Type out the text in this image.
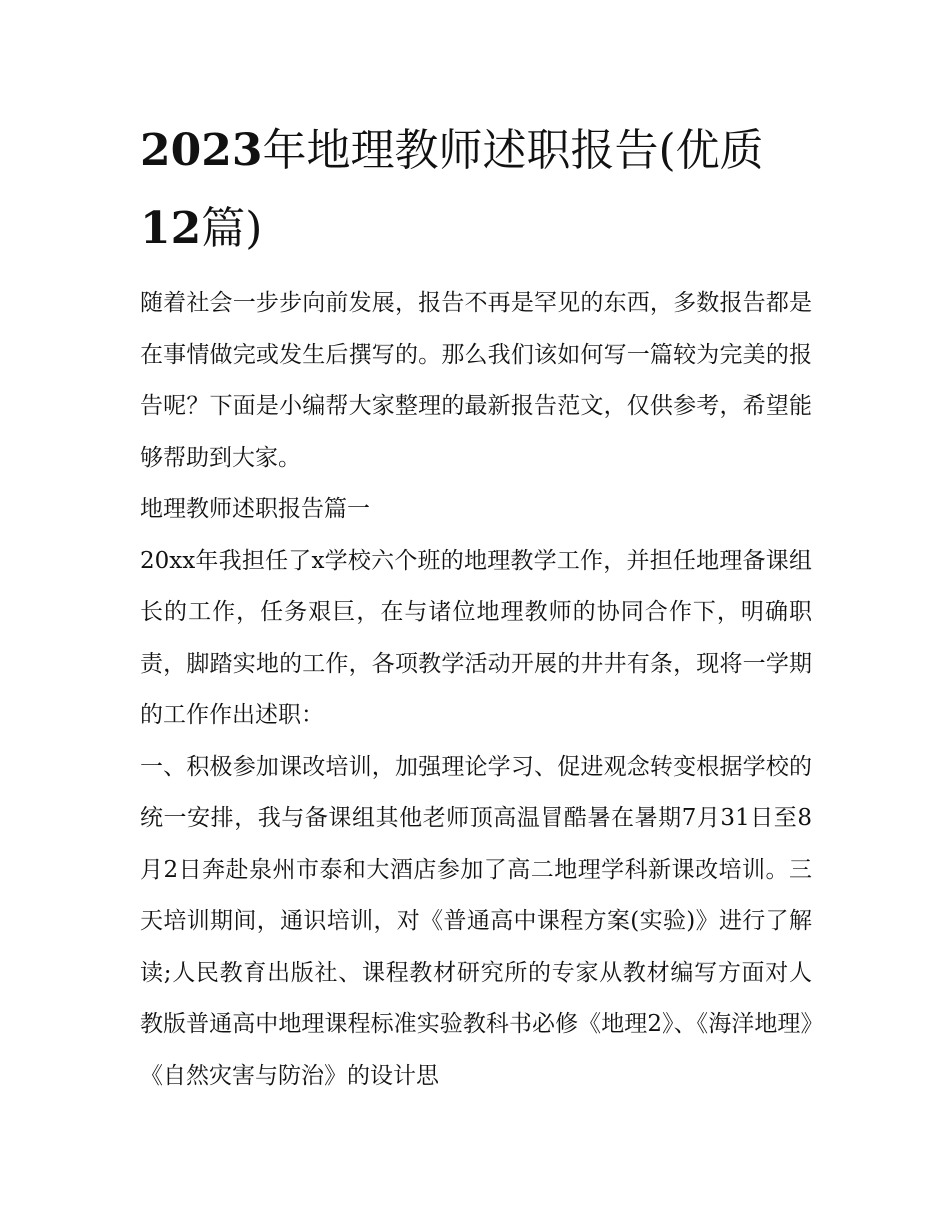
2023年地理教师述职报告(优质12篇)

随着社会一步步向前发展，报告不再是罕见的东西，多数报告都是在事情做完或发生后撰写的。那么我们该如何写一篇较为完美的报告呢？下面是小编帮大家整理的最新报告范文，仅供参考，希望能够帮助到大家。

地理教师述职报告篇一

20xx年我担任了x学校六个班的地理教学工作，并担任地理备课组长的工作，任务艰巨，在与诸位地理教师的协同合作下，明确职责，脚踏实地的工作，各项教学活动开展的井井有条，现将一学期的工作作出述职：

一、积极参加课改培训，加强理论学习、促进观念转变根据学校的统一安排，我与备课组其他老师顶高温冒酷暑在暑期7月31日至8月2日奔赴泉州市泰和大酒店参加了高二地理学科新课改培训。三天培训期间，通识培训，对《普通高中课程方案(实验)》进行了解读;人民教育出版社、课程教材研究所的专家从教材编写方面对人教版普通高中地理课程标准实验教科书必修《地理2》、《海洋地理》《自然灾害与防治》的设计思
